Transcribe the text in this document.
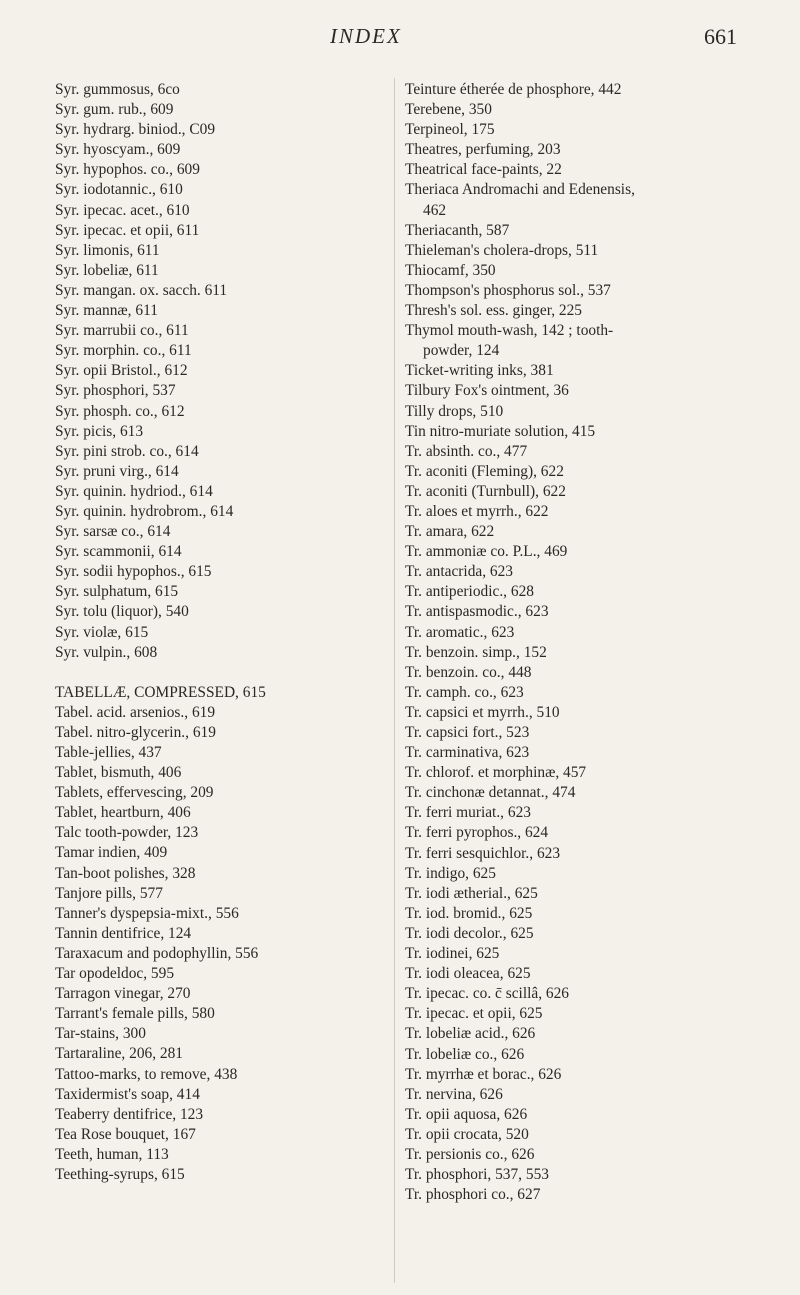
INDEX	661
Syr. gummosus, 6co
Syr. gum. rub., 609
Syr. hydrarg. biniod., C09
Syr. hyoscyam., 609
Syr. hypophos. co., 609
Syr. iodotannic., 610
Syr. ipecac. acet., 610
Syr. ipecac. et opii, 611
Syr. limonis, 611
Syr. lobeliæ, 611
Syr. mangan. ox. sacch. 611
Syr. mannæ, 611
Syr. marrubii co., 611
Syr. morphin. co., 611
Syr. opii Bristol., 612
Syr. phosphori, 537
Syr. phosph. co., 612
Syr. picis, 613
Syr. pini strob. co., 614
Syr. pruni virg., 614
Syr. quinin. hydriod., 614
Syr. quinin. hydrobrom., 614
Syr. sarsæ co., 614
Syr. scammonii, 614
Syr. sodii hypophos., 615
Syr. sulphatum, 615
Syr. tolu (liquor), 540
Syr. violæ, 615
Syr. vulpin., 608
TABELLÆ, COMPRESSED, 615
Tabel. acid. arsenios., 619
Tabel. nitro-glycerin., 619
Table-jellies, 437
Tablet, bismuth, 406
Tablets, effervescing, 209
Tablet, heartburn, 406
Talc tooth-powder, 123
Tamar indien, 409
Tan-boot polishes, 328
Tanjore pills, 577
Tanner's dyspepsia-mixt., 556
Tannin dentifrice, 124
Taraxacum and podophyllin, 556
Tar opodeldoc, 595
Tarragon vinegar, 270
Tarrant's female pills, 580
Tar-stains, 300
Tartaraline, 206, 281
Tattoo-marks, to remove, 438
Taxidermist's soap, 414
Teaberry dentifrice, 123
Tea Rose bouquet, 167
Teeth, human, 113
Teething-syrups, 615
Teinture étherée de phosphore, 442
Terebene, 350
Terpineol, 175
Theatres, perfuming, 203
Theatrical face-paints, 22
Theriaca Andromachi and Edenensis,
462
Theriacanth, 587
Thieleman's cholera-drops, 511
Thiocamf, 350
Thompson's phosphorus sol., 537
Thresh's sol. ess. ginger, 225
Thymol mouth-wash, 142 ; tooth-
powder, 124
Ticket-writing inks, 381
Tilbury Fox's ointment, 36
Tilly drops, 510
Tin nitro-muriate solution, 415
Tr. absinth. co., 477
Tr. aconiti (Fleming), 622
Tr. aconiti (Turnbull), 622
Tr. aloes et myrrh., 622
Tr. amara, 622
Tr. ammoniæ co. P.L., 469
Tr. antacrida, 623
Tr. antiperiodic., 628
Tr. antispasmodic., 623
Tr. aromatic., 623
Tr. benzoin. simp., 152
Tr. benzoin. co., 448
Tr. camph. co., 623
Tr. capsici et myrrh., 510
Tr. capsici fort., 523
Tr. carminativa, 623
Tr. chlorof. et morphinæ, 457
Tr. cinchonæ detannat., 474
Tr. ferri muriat., 623
Tr. ferri pyrophos., 624
Tr. ferri sesquichlor., 623
Tr. indigo, 625
Tr. iodi ætherial., 625
Tr. iod. bromid., 625
Tr. iodi decolor., 625
Tr. iodinei, 625
Tr. iodi oleacea, 625
Tr. ipecac. co. c̄ scillâ, 626
Tr. ipecac. et opii, 625
Tr. lobeliæ acid., 626
Tr. lobeliæ co., 626
Tr. myrrhæ et borac., 626
Tr. nervina, 626
Tr. opii aquosa, 626
Tr. opii crocata, 520
Tr. persionis co., 626
Tr. phosphori, 537, 553
Tr. phosphori co., 627
